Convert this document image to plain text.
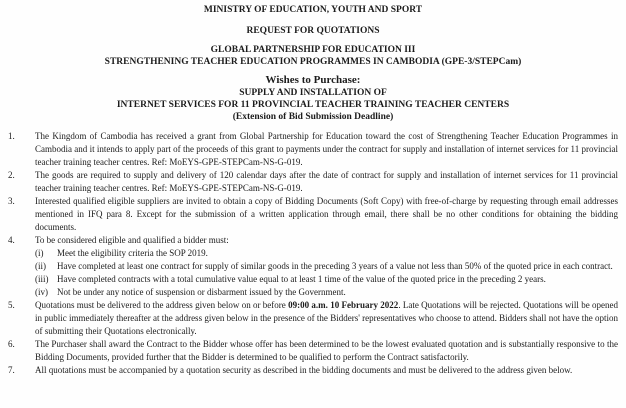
MINISTRY OF EDUCATION, YOUTH AND SPORT
REQUEST FOR QUOTATIONS
GLOBAL PARTNERSHIP FOR EDUCATION III
STRENGTHENING TEACHER EDUCATION PROGRAMMES IN CAMBODIA (GPE-3/STEPCam)
Wishes to Purchase:
SUPPLY AND INSTALLATION OF
INTERNET SERVICES FOR 11 PROVINCIAL TEACHER TRAINING TEACHER CENTERS
(Extension of Bid Submission Deadline)
1.	The Kingdom of Cambodia has received a grant from Global Partnership for Education toward the cost of Strengthening Teacher Education Programmes in Cambodia and it intends to apply part of the proceeds of this grant to payments under the contract for supply and installation of internet services for 11 provincial teacher training teacher centres. Ref: MoEYS-GPE-STEPCam-NS-G-019.
2.	The goods are required to supply and delivery of 120 calendar days after the date of contract for supply and installation of internet services for 11 provincial teacher training teacher centres. Ref: MoEYS-GPE-STEPCam-NS-G-019.
3.	Interested qualified eligible suppliers are invited to obtain a copy of Bidding Documents (Soft Copy) with free-of-charge by requesting through email addresses mentioned in IFQ para 8. Except for the submission of a written application through email, there shall be no other conditions for obtaining the bidding documents.
4.	To be considered eligible and qualified a bidder must:
(i)	Meet the eligibility criteria the SOP 2019.
(ii)	Have completed at least one contract for supply of similar goods in the preceding 3 years of a value not less than 50% of the quoted price in each contract.
(iii) Have completed contracts with a total cumulative value equal to at least 1 time of the value of the quoted price in the preceding 2 years.
(iv)	Not be under any notice of suspension or disbarment issued by the Government.
5.	Quotations must be delivered to the address given below on or before 09:00 a.m. 10 February 2022. Late Quotations will be rejected. Quotations will be opened in public immediately thereafter at the address given below in the presence of the Bidders' representatives who choose to attend. Bidders shall not have the option of submitting their Quotations electronically.
6.	The Purchaser shall award the Contract to the Bidder whose offer has been determined to be the lowest evaluated quotation and is substantially responsive to the Bidding Documents, provided further that the Bidder is determined to be qualified to perform the Contract satisfactorily.
7.	All quotations must be accompanied by a quotation security as described in the bidding documents and must be delivered to the address given below.
